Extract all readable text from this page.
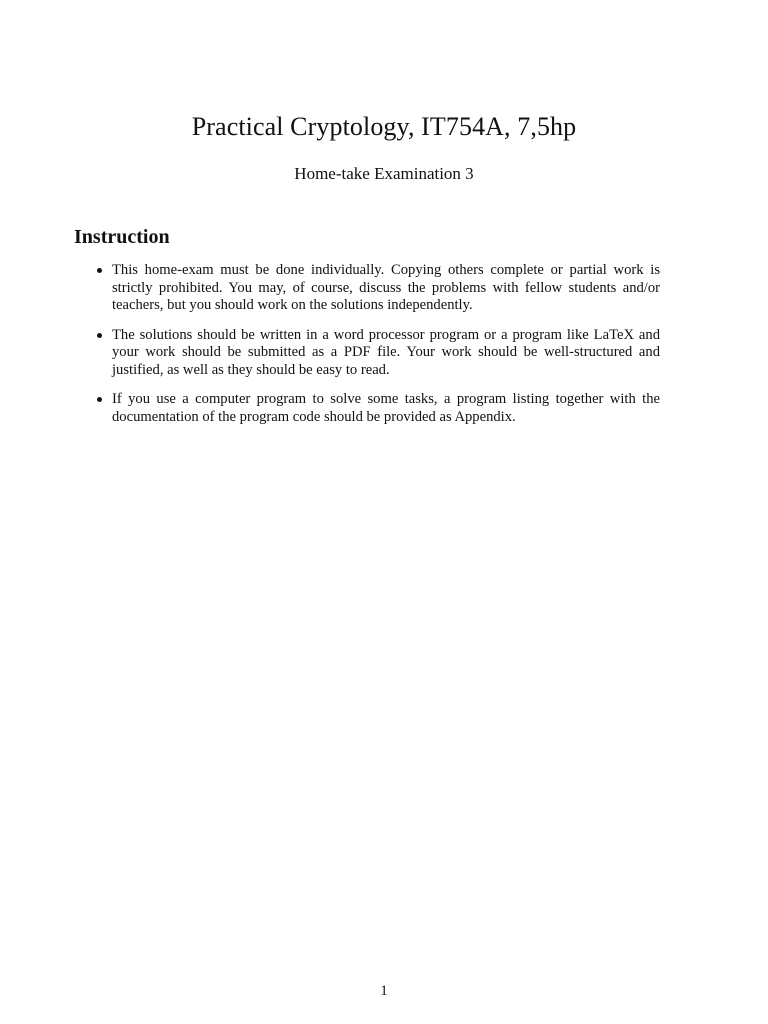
Practical Cryptology, IT754A, 7,5hp
Home-take Examination 3
Instruction
This home-exam must be done individually. Copying others complete or partial work is strictly prohibited. You may, of course, discuss the problems with fellow students and/or teachers, but you should work on the solutions independently.
The solutions should be written in a word processor program or a program like LaTeX and your work should be submitted as a PDF file. Your work should be well-structured and justified, as well as they should be easy to read.
If you use a computer program to solve some tasks, a program listing together with the documentation of the program code should be provided as Appendix.
1
